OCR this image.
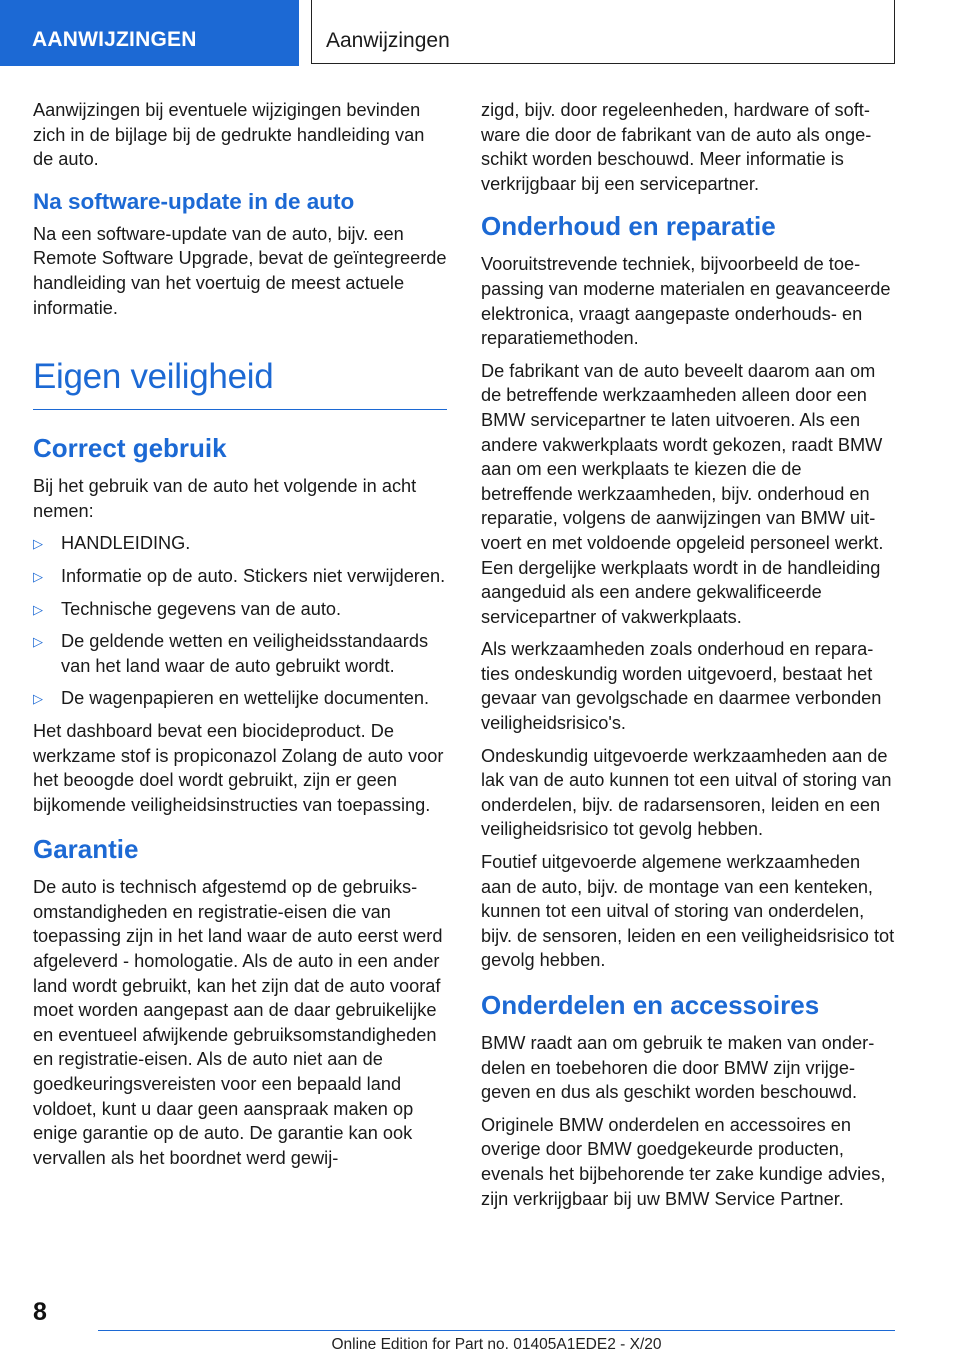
AANWIJZINGEN	Aanwijzingen

Aanwijzingen bij eventuele wijzigingen bevinden zich in de bijlage bij de gedrukte handleiding van de auto.

Na software-update in de auto

Na een software-update van de auto, bijv. een Remote Software Upgrade, bevat de geïntegreerde handleiding van het voertuig de meest actuele informatie.

Eigen veiligheid
Correct gebruik

Bij het gebruik van de auto het volgende in acht nemen:

▷ HANDLEIDING.
▷ Informatie op de auto. Stickers niet verwijderen.
▷ Technische gegevens van de auto.
▷ De geldende wetten en veiligheidsstandaards van het land waar de auto gebruikt wordt.
▷ De wagenpapieren en wettelijke documenten.

Het dashboard bevat een biocideproduct. De werkzame stof is propiconazol Zolang de auto voor het beoogde doel wordt gebruikt, zijn er geen bijkomende veiligheidsinstructies van toepassing.

Garantie

De auto is technisch afgestemd op de gebruiksomstandigheden en registratie-eisen die van toepassing zijn in het land waar de auto eerst werd afgeleverd - homologatie. Als de auto in een ander land wordt gebruikt, kan het zijn dat de auto vooraf moet worden aangepast aan de daar gebruikelijke en eventueel afwijkende gebruiksomstandigheden en registratie-eisen. Als de auto niet aan de goedkeuringsvereisten voor een bepaald land voldoet, kunt u daar geen aanspraak maken op enige garantie op de auto. De garantie kan ook vervallen als het boordnet werd gewij-

zigd, bijv. door regeleenheden, hardware of software die door de fabrikant van de auto als ongeschikt worden beschouwd. Meer informatie is verkrijgbaar bij een servicepartner.

Onderhoud en reparatie

Vooruitstrevende techniek, bijvoorbeeld de toepassing van moderne materialen en geavanceerde elektronica, vraagt aangepaste onderhouds- en reparatiemethoden.

De fabrikant van de auto beveelt daarom aan om de betreffende werkzaamheden alleen door een BMW servicepartner te laten uitvoeren. Als een andere vakwerkplaats wordt gekozen, raadt BMW aan om een werkplaats te kiezen die de betreffende werkzaamheden, bijv. onderhoud en reparatie, volgens de aanwijzingen van BMW uitvoert en met voldoende opgeleid personeel werkt. Een dergelijke werkplaats wordt in de handleiding aangeduid als een andere gekwalificeerde servicepartner of vakwerkplaats.

Als werkzaamheden zoals onderhoud en reparaties ondeskundig worden uitgevoerd, bestaat het gevaar van gevolgschade en daarmee verbonden veiligheidsrisico's.

Ondeskundig uitgevoerde werkzaamheden aan de lak van de auto kunnen tot een uitval of storing van onderdelen, bijv. de radarsensoren, leiden en een veiligheidsrisico tot gevolg hebben.

Foutief uitgevoerde algemene werkzaamheden aan de auto, bijv. de montage van een kenteken, kunnen tot een uitval of storing van onderdelen, bijv. de sensoren, leiden en een veiligheidsrisico tot gevolg hebben.

Onderdelen en accessoires

BMW raadt aan om gebruik te maken van onderdelen en toebehoren die door BMW zijn vrijgegeven en dus als geschikt worden beschouwd.

Originele BMW onderdelen en accessoires en overige door BMW goedgekeurde producten, evenals het bijbehorende ter zake kundige advies, zijn verkrijgbaar bij uw BMW Service Partner.

8
Online Edition for Part no. 01405A1EDE2 - X/20
